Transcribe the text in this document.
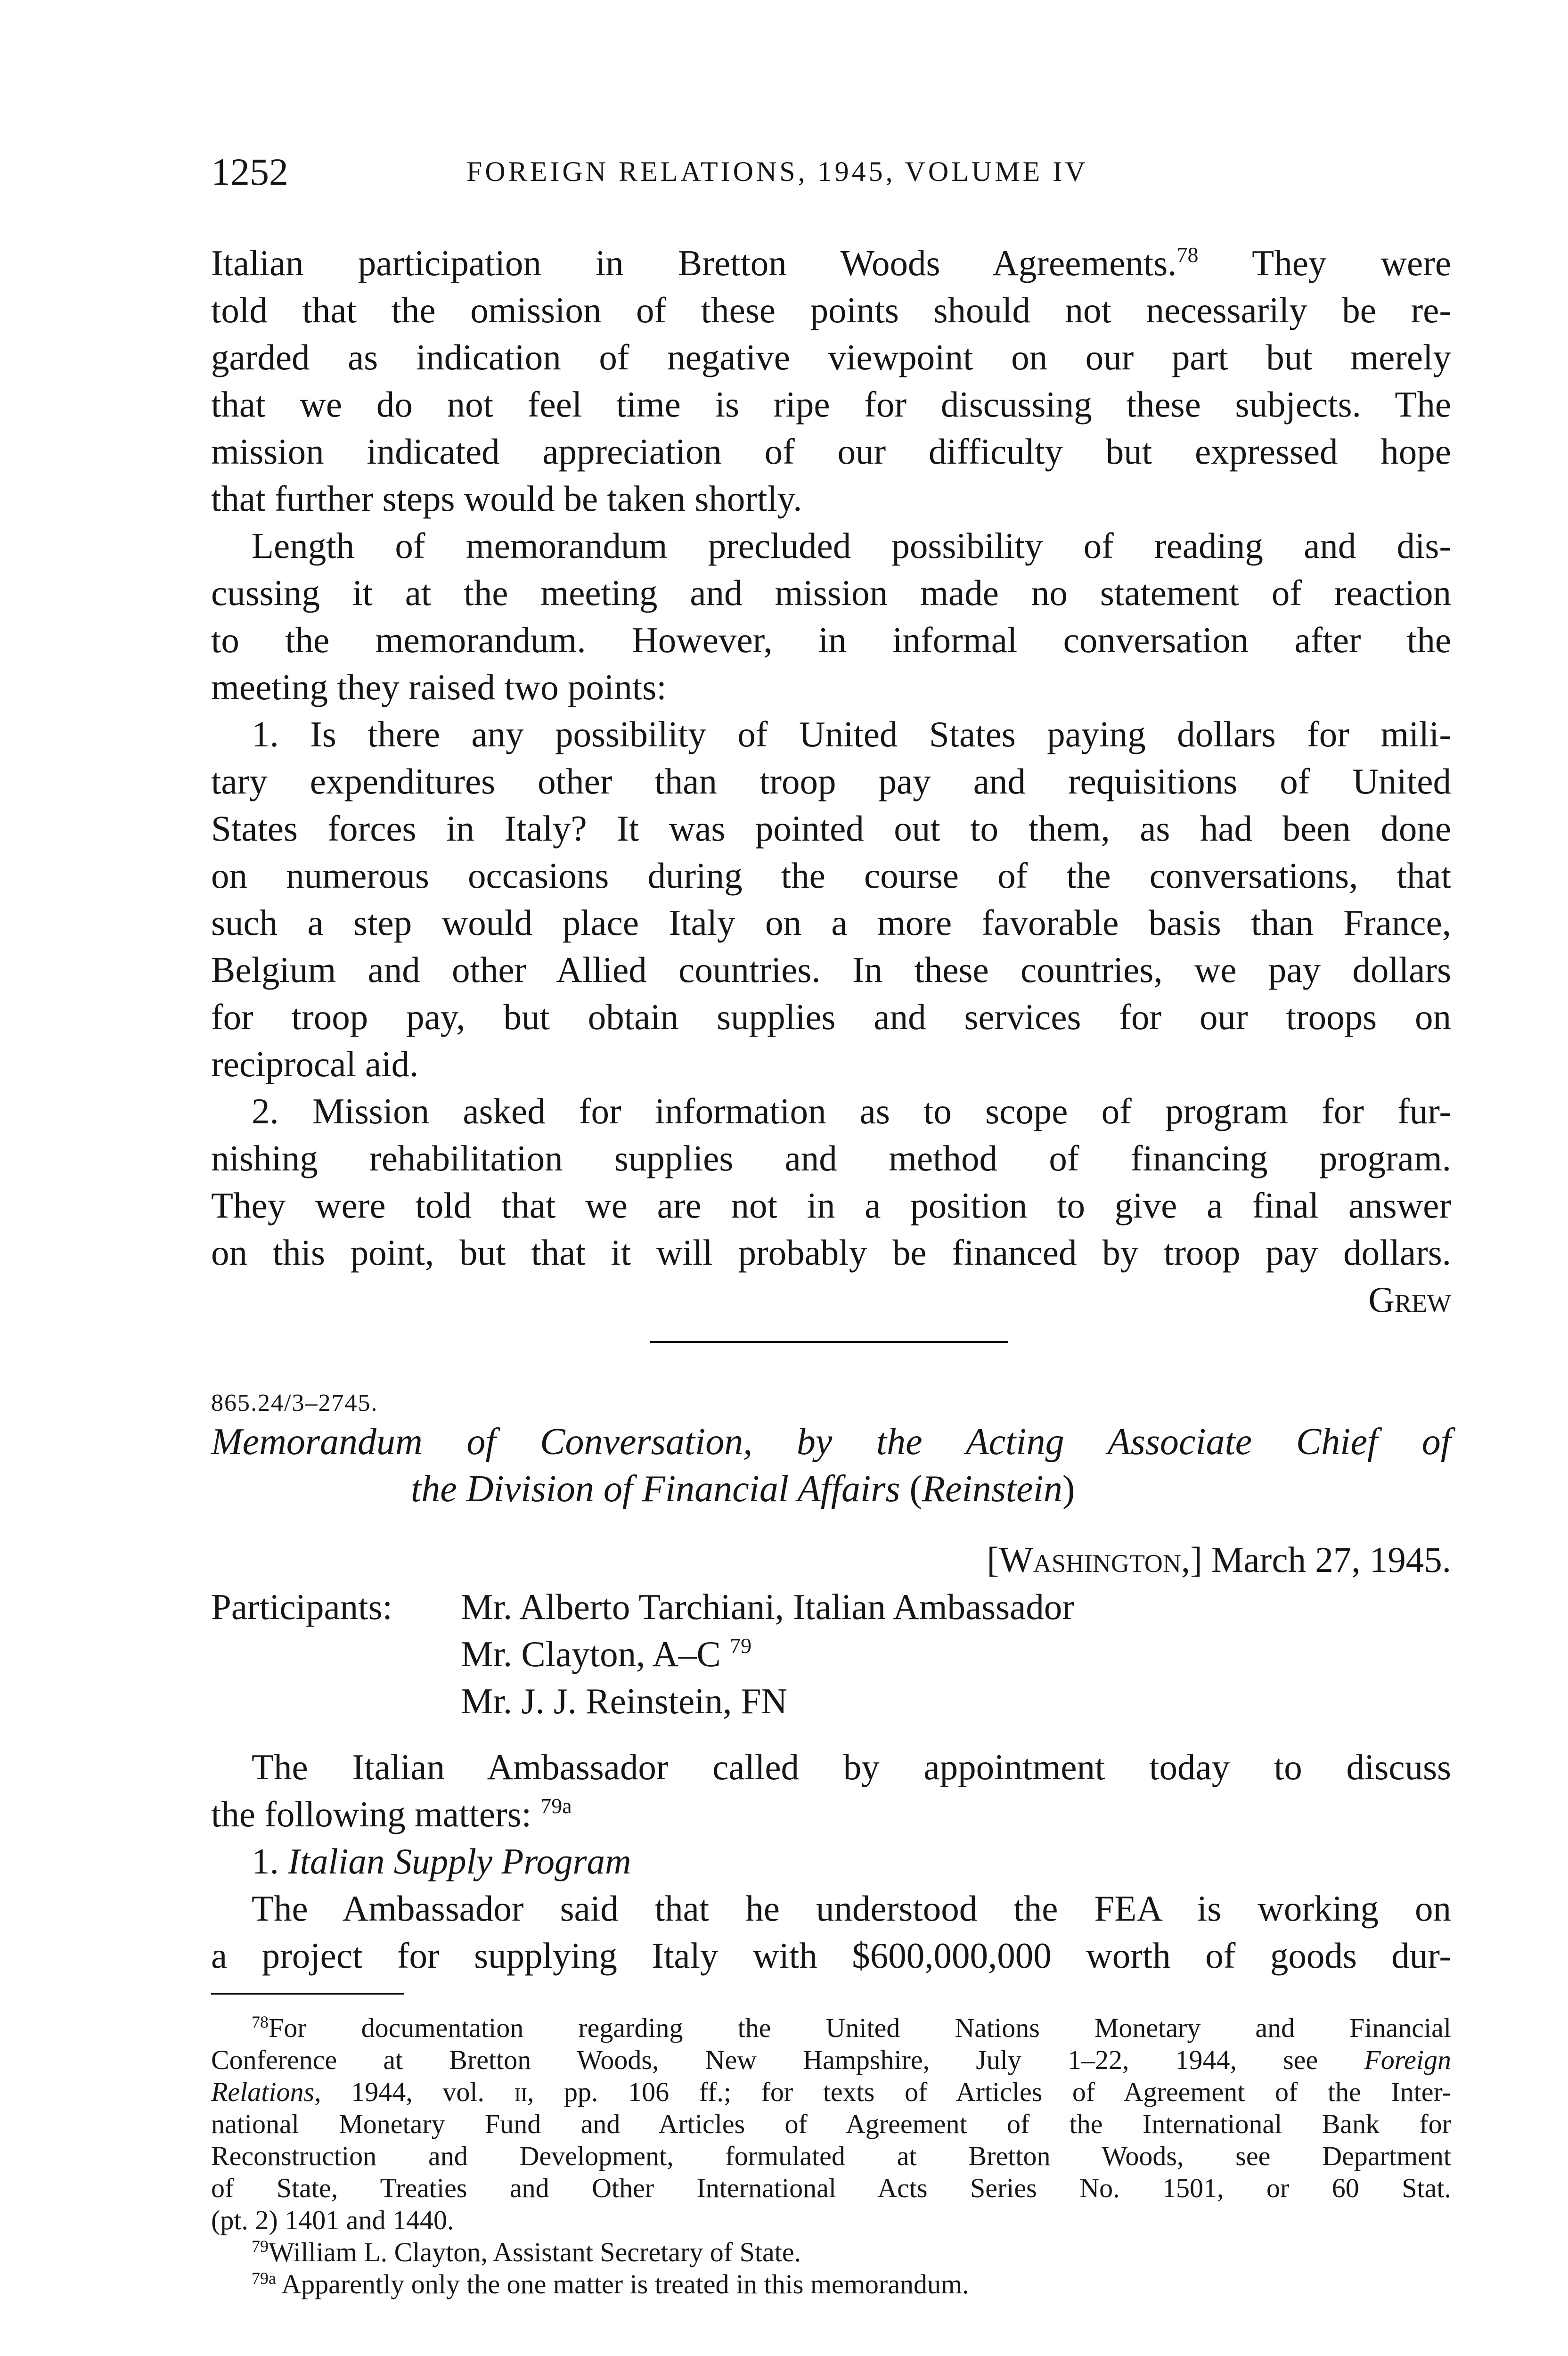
1252	FOREIGN RELATIONS, 1945, VOLUME IV
Italian participation in Bretton Woods Agreements.$^{78}$ They were
told that the omission of these points should not necessarily be re-
garded as indication of negative viewpoint on our part but merely
that we do not feel time is ripe for discussing these subjects. The
mission indicated appreciation of our difficulty but expressed hope
that further steps would be taken shortly.
Length of memorandum precluded possibility of reading and dis-
cussing it at the meeting and mission made no statement of reaction
to the memorandum. However, in informal conversation after the
meeting they raised two points:
1. Is there any possibility of United States paying dollars for mili-
tary expenditures other than troop pay and requisitions of United
States forces in Italy? It was pointed out to them, as had been done
on numerous occasions during the course of the conversations, that
such a step would place Italy on a more favorable basis than France,
Belgium and other Allied countries. In these countries, we pay dollars
for troop pay, but obtain supplies and services for our troops on
reciprocal aid.
2. Mission asked for information as to scope of program for fur-
nishing rehabilitation supplies and method of financing program.
They were told that we are not in a position to give a final answer
on this point, but that it will probably be financed by troop pay dollars.
Grew
865.24/3–2745.
Memorandum of Conversation, by the Acting Associate Chief of
the Division of Financial Affairs (Reinstein)
[Washington,] March 27, 1945.
Participants:	Mr. Alberto Tarchiani, Italian Ambassador
Mr. Clayton, A–C $^{79}$
Mr. J. J. Reinstein, FN
The Italian Ambassador called by appointment today to discuss
the following matters: $^{79a}$
1. Italian Supply Program
The Ambassador said that he understood the FEA is working on
a project for supplying Italy with $600,000,000 worth of goods dur-
$^{78}$For documentation regarding the United Nations Monetary and Financial
Conference at Bretton Woods, New Hampshire, July 1–22, 1944, see Foreign
Relations, 1944, vol. ii, pp. 106 ff.; for texts of Articles of Agreement of the Inter-
national Monetary Fund and Articles of Agreement of the International Bank for
Reconstruction and Development, formulated at Bretton Woods, see Department
of State, Treaties and Other International Acts Series No. 1501, or 60 Stat.
(pt. 2) 1401 and 1440.
$^{79}$William L. Clayton, Assistant Secretary of State.
$^{79a}$ Apparently only the one matter is treated in this memorandum.
